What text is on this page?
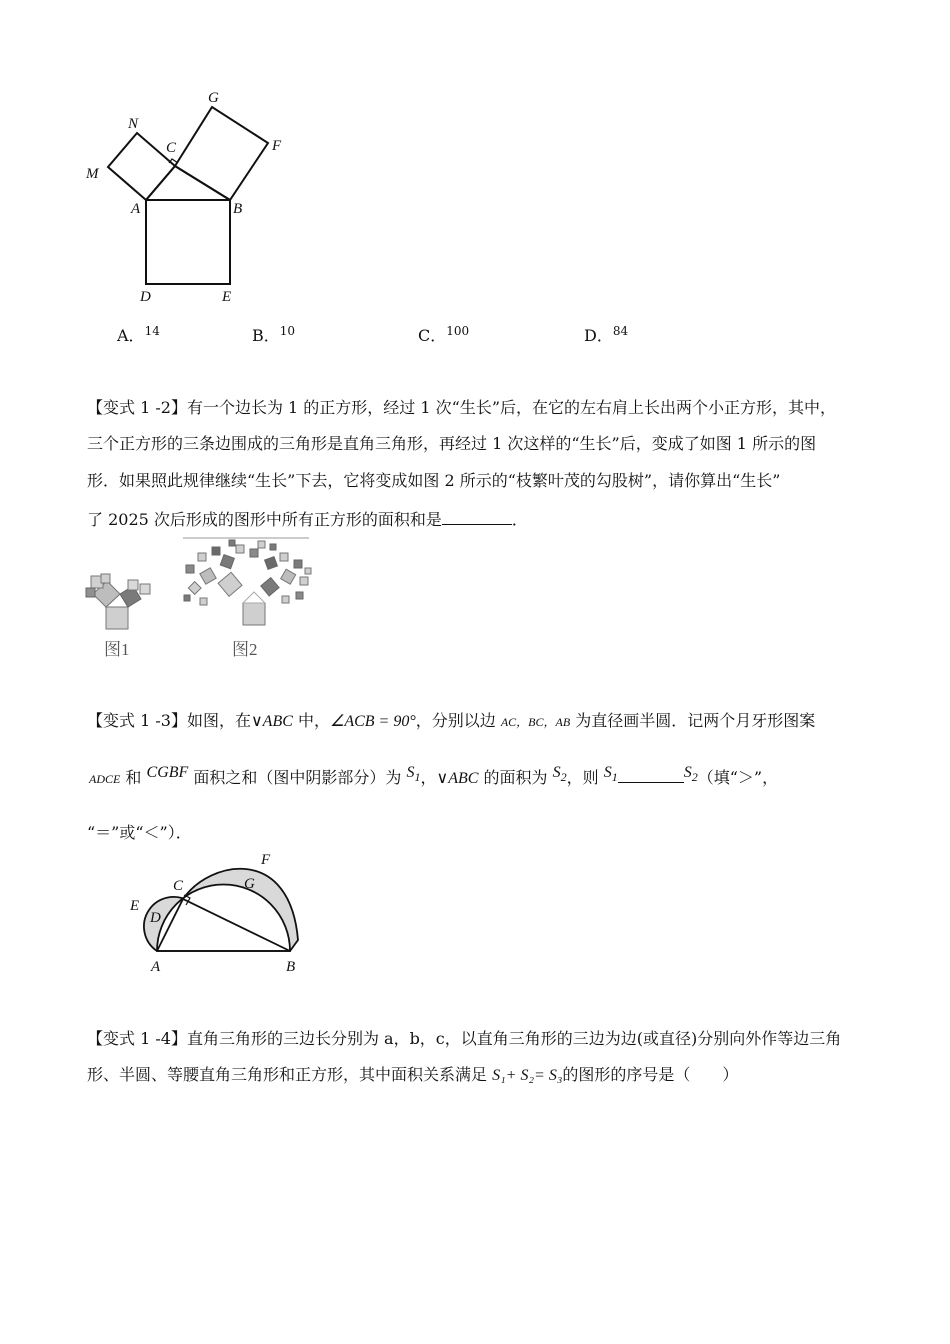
G
N
C	F
M
A	B
D	E
A．$^{14}$	B．$^{10}$	C．$^{100}$	D．$^{84}$
【变式 1 -2】有一个边长为 1 的正方形，经过 1 次“生长”后，在它的左右肩上长出两个小正方形，其中，
三个正方形的三条边围成的三角形是直角三角形，再经过 1 次这样的“生长”后，变成了如图 1 所示的图
形．如果照此规律继续“生长”下去，它将变成如图 2 所示的“枝繁叶茂的勾股树”，请你算出“生长”
了 2025 次后形成的图形中所有正方形的面积和是	．
图1	图2
【变式 1 -3】如图，在∨ABC 中，∠ACB = 90°，分别以边 AC，BC，AB 为直径画半圆．记两个月牙形图案
ADCE 和 CGBF 面积之和（图中阴影部分）为 $S_1$，∨ABC 的面积为 $S_2$，则 $S_1$	$S_2$（填“＞”，
“＝”或“＜”）．
F
C	G
E
D
A	B
【变式 1 -4】直角三角形的三边长分别为 a，b，c，以直角三角形的三边为边(或直径)分别向外作等边三角
形、半圆、等腰直角三角形和正方形，其中面积关系满足 S₁+ S₂= S₃的图形的序号是（　　）
